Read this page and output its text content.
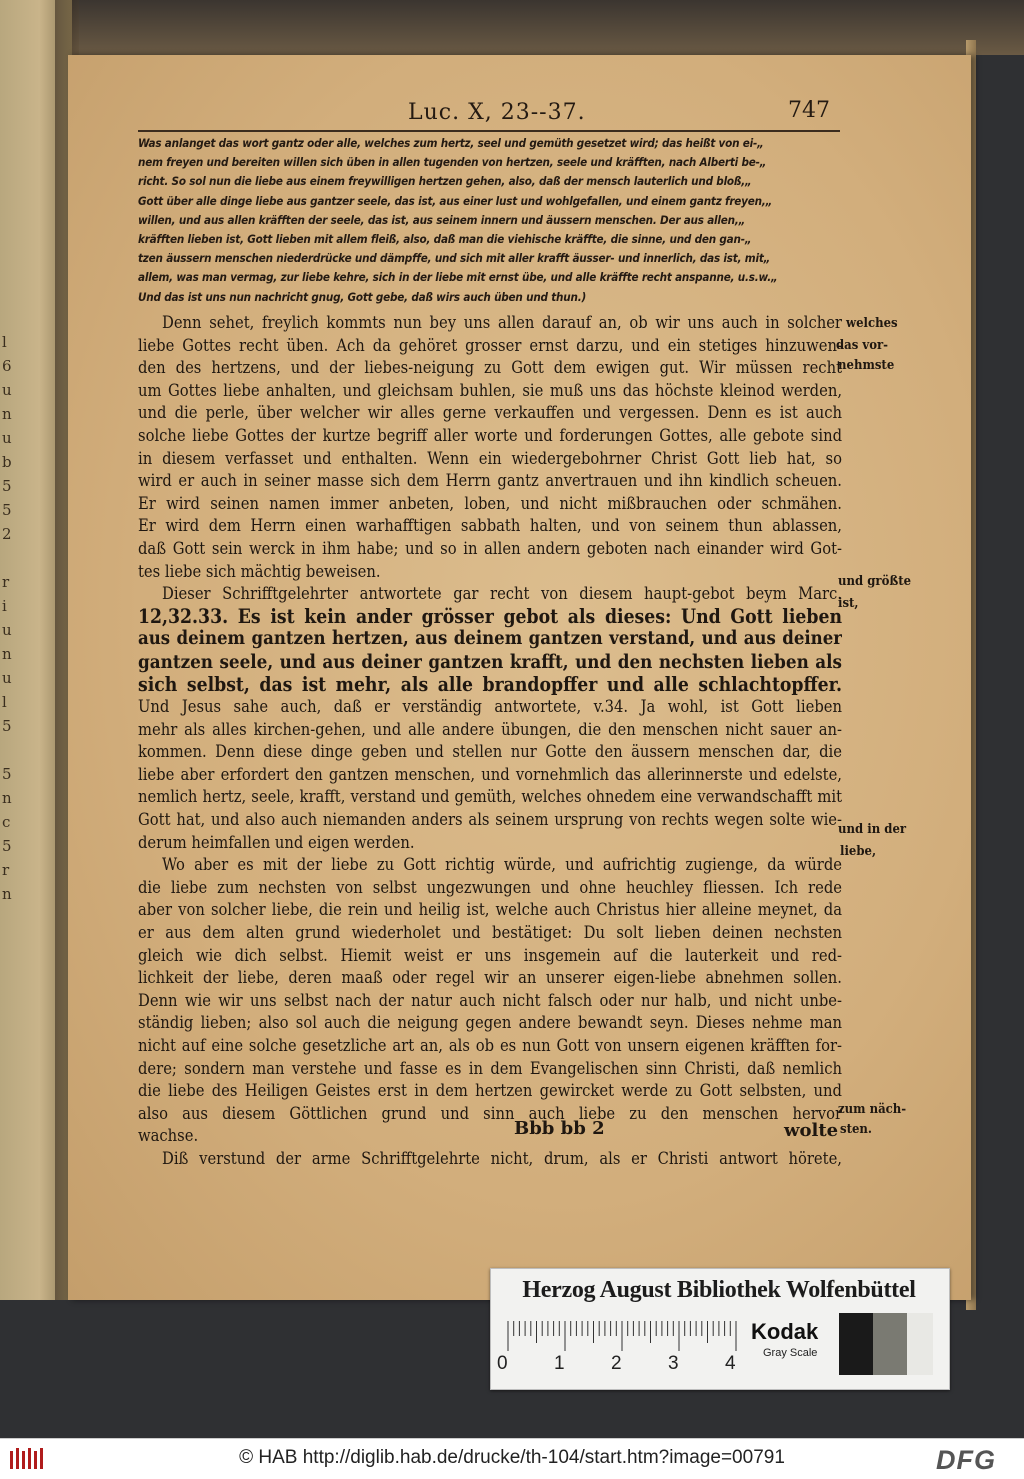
l
6
u
n
u
b
5
5
2

r
i
u
n
u
l
5

5
n
c
5
r
n
Luc. X, 23--37.	747
Was anlanget das wort gantz oder alle, welches zum hertz, seel und gemüth gesetzet wird; das heißt von ei-„
nem freyen und bereiten willen sich üben in allen tugenden von hertzen, seele und kräfften, nach Alberti be-„
richt. So sol nun die liebe aus einem freywilligen hertzen gehen, also, daß der mensch lauterlich und bloß,„
Gott über alle dinge liebe aus gantzer seele, das ist, aus einer lust und wohlgefallen, und einem gantz freyen,„
willen, und aus allen kräfften der seele, das ist, aus seinem innern und äussern menschen. Der aus allen,„
kräfften lieben ist, Gott lieben mit allem fleiß, also, daß man die viehische kräffte, die sinne, und den gan-„
tzen äussern menschen niederdrücke und dämpffe, und sich mit aller krafft äusser- und innerlich, das ist, mit„
allem, was man vermag, zur liebe kehre, sich in der liebe mit ernst übe, und alle kräffte recht anspanne, u.s.w.„
Und das ist uns nun nachricht gnug, Gott gebe, daß wirs auch üben und thun.)
Denn sehet, freylich kommts nun bey uns allen darauf an, ob wir uns auch in solcher
liebe Gottes recht üben. Ach da gehöret grosser ernst darzu, und ein stetiges hinzuwen-
den des hertzens, und der liebes-neigung zu Gott dem ewigen gut. Wir müssen recht
um Gottes liebe anhalten, und gleichsam buhlen, sie muß uns das höchste kleinod werden,
und die perle, über welcher wir alles gerne verkauffen und vergessen. Denn es ist auch
solche liebe Gottes der kurtze begriff aller worte und forderungen Gottes, alle gebote sind
in diesem verfasset und enthalten. Wenn ein wiedergebohrner Christ Gott lieb hat, so
wird er auch in seiner masse sich dem Herrn gantz anvertrauen und ihn kindlich scheuen.
Er wird seinen namen immer anbeten, loben, und nicht mißbrauchen oder schmähen.
Er wird dem Herrn einen warhafftigen sabbath halten, und von seinem thun ablassen,
daß Gott sein werck in ihm habe; und so in allen andern geboten nach einander wird Got-
tes liebe sich mächtig beweisen.
Dieser Schrifftgelehrter antwortete gar recht von diesem haupt-gebot beym Marc.
12,32.33. Es ist kein ander grösser gebot als dieses: Und Gott lieben
aus deinem gantzen hertzen, aus deinem gantzen verstand, und aus deiner
gantzen seele, und aus deiner gantzen krafft, und den nechsten lieben als
sich selbst, das ist mehr, als alle brandopffer und alle schlachtopffer.
Und Jesus sahe auch, daß er verständig antwortete, v.34. Ja wohl, ist Gott lieben
mehr als alles kirchen-gehen, und alle andere übungen, die den menschen nicht sauer an-
kommen. Denn diese dinge geben und stellen nur Gotte den äussern menschen dar, die
liebe aber erfordert den gantzen menschen, und vornehmlich das allerinnerste und edelste,
nemlich hertz, seele, krafft, verstand und gemüth, welches ohnedem eine verwandschafft mit
Gott hat, und also auch niemanden anders als seinem ursprung von rechts wegen solte wie-
derum heimfallen und eigen werden.
Wo aber es mit der liebe zu Gott richtig würde, und aufrichtig zugienge, da würde
die liebe zum nechsten von selbst ungezwungen und ohne heuchley fliessen. Ich rede
aber von solcher liebe, die rein und heilig ist, welche auch Christus hier alleine meynet, da
er aus dem alten grund wiederholet und bestätiget: Du solt lieben deinen nechsten
gleich wie dich selbst. Hiemit weist er uns insgemein auf die lauterkeit und red-
lichkeit der liebe, deren maaß oder regel wir an unserer eigen-liebe abnehmen sollen.
Denn wie wir uns selbst nach der natur auch nicht falsch oder nur halb, und nicht unbe-
ständig lieben; also sol auch die neigung gegen andere bewandt seyn. Dieses nehme man
nicht auf eine solche gesetzliche art an, als ob es nun Gott von unsern eigenen kräfften for-
dere; sondern man verstehe und fasse es in dem Evangelischen sinn Christi, daß nemlich
die liebe des Heiligen Geistes erst in dem hertzen gewircket werde zu Gott selbsten, und
also aus diesem Göttlichen grund und sinn auch liebe zu den menschen hervor
wachse.
Diß verstund der arme Schrifftgelehrte nicht, drum, als er Christi antwort hörete,
welches
das vor-
nehmste
und größte
ist,
und in der
liebe,
zum näch-
sten.
Bbb bb 2	wolte
Herzog August Bibliothek Wolfenbüttel
0 1 2 3 4
Kodak
Gray Scale
© HAB http://diglib.hab.de/drucke/th-104/start.htm?image=00791	DFG
